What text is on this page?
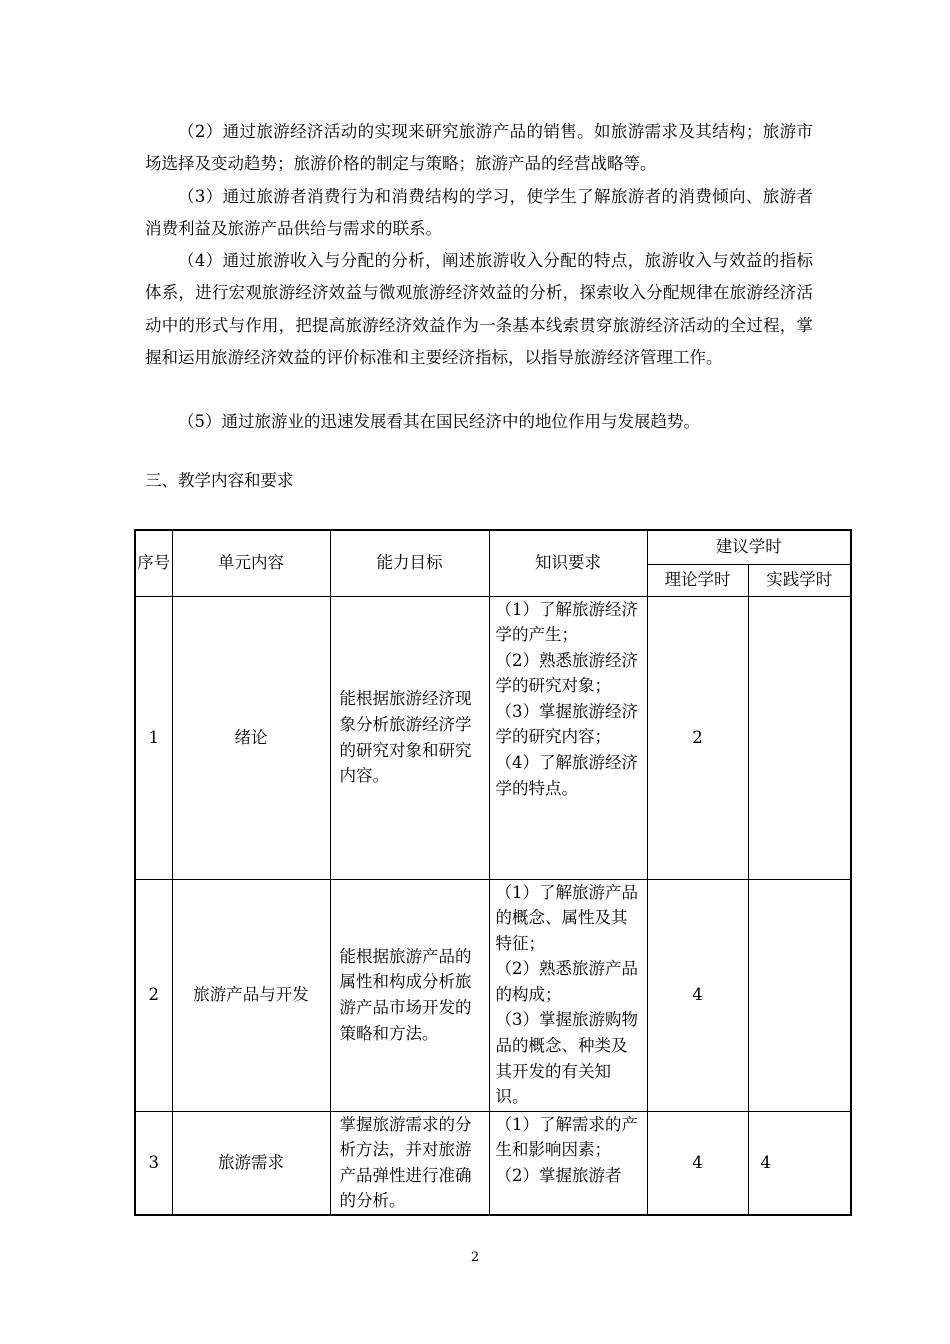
（2）通过旅游经济活动的实现来研究旅游产品的销售。如旅游需求及其结构；旅游市场选择及变动趋势；旅游价格的制定与策略；旅游产品的经营战略等。

（3）通过旅游者消费行为和消费结构的学习，使学生了解旅游者的消费倾向、旅游者消费利益及旅游产品供给与需求的联系。

（4）通过旅游收入与分配的分析，阐述旅游收入分配的特点，旅游收入与效益的指标体系，进行宏观旅游经济效益与微观旅游经济效益的分析，探索收入分配规律在旅游经济活动中的形式与作用，把提高旅游经济效益作为一条基本线索贯穿旅游经济活动的全过程，掌握和运用旅游经济效益的评价标准和主要经济指标，以指导旅游经济管理工作。

（5）通过旅游业的迅速发展看其在国民经济中的地位作用与发展趋势。

三、教学内容和要求

序号	单元内容	能力目标	知识要求	建议学时	
				理论学时	实践学时
1	绪论	能根据旅游经济现象分析旅游经济学的研究对象和研究内容。	（1）了解旅游经济学的产生；
（2）熟悉旅游经济学的研究对象；
（3）掌握旅游经济学的研究内容；
（4）了解旅游经济学的特点。	2	
2	旅游产品与开发	能根据旅游产品的属性和构成分析旅游产品市场开发的策略和方法。	（1）了解旅游产品的概念、属性及其特征；
（2）熟悉旅游产品的构成；
（3）掌握旅游购物品的概念、种类及其开发的有关知识。	4	
3	旅游需求	掌握旅游需求的分析方法，并对旅游产品弹性进行准确的分析。	（1）了解需求的产生和影响因素；
（2）掌握旅游者	4	4

2
